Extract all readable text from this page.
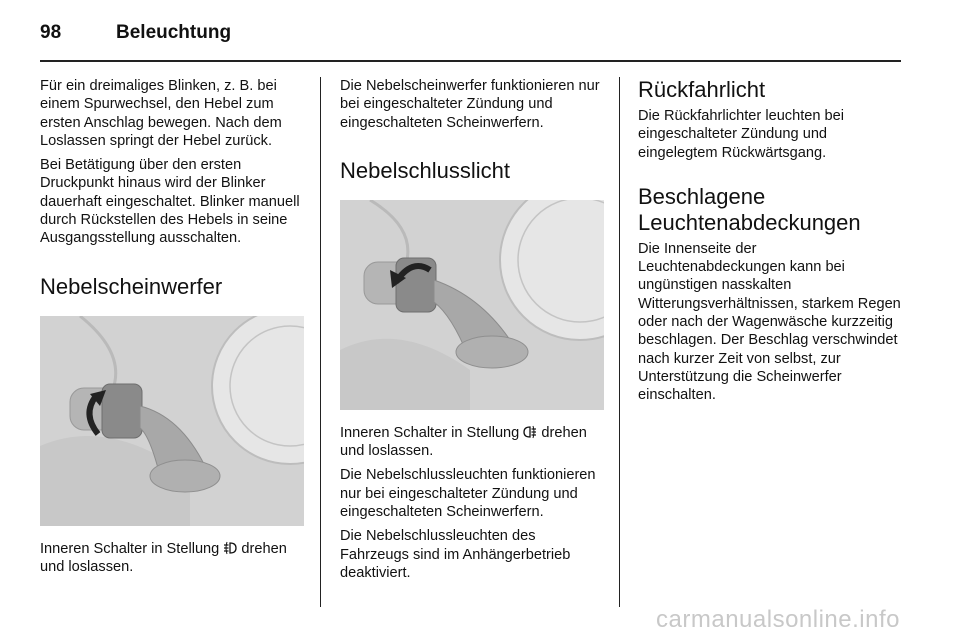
98	Beleuchtung

Für ein dreimaliges Blinken, z. B. bei einem Spurwechsel, den Hebel zum ersten Anschlag bewegen. Nach dem Loslassen springt der Hebel zurück.

Bei Betätigung über den ersten Druckpunkt hinaus wird der Blinker dauerhaft eingeschaltet. Blinker manuell durch Rückstellen des Hebels in seine Ausgangsstellung ausschalten.

Nebelscheinwerfer

Inneren Schalter in Stellung drehen und loslassen.

Die Nebelscheinwerfer funktionieren nur bei eingeschalteter Zündung und eingeschalteten Scheinwerfern.

Nebelschlusslicht

Inneren Schalter in Stellung drehen und loslassen.

Die Nebelschlussleuchten funktionieren nur bei eingeschalteter Zündung und eingeschalteten Scheinwerfern.

Die Nebelschlussleuchten des Fahrzeugs sind im Anhängerbetrieb deaktiviert.

Rückfahrlicht

Die Rückfahrlichter leuchten bei eingeschalteter Zündung und eingelegtem Rückwärtsgang.

Beschlagene Leuchtenabdeckungen

Die Innenseite der Leuchtenabdeckungen kann bei ungünstigen nasskalten Witterungsverhältnissen, starkem Regen oder nach der Wagenwäsche kurzzeitig beschlagen. Der Beschlag verschwindet nach kurzer Zeit von selbst, zur Unterstützung die Scheinwerfer einschalten.

carmanualsonline.info
